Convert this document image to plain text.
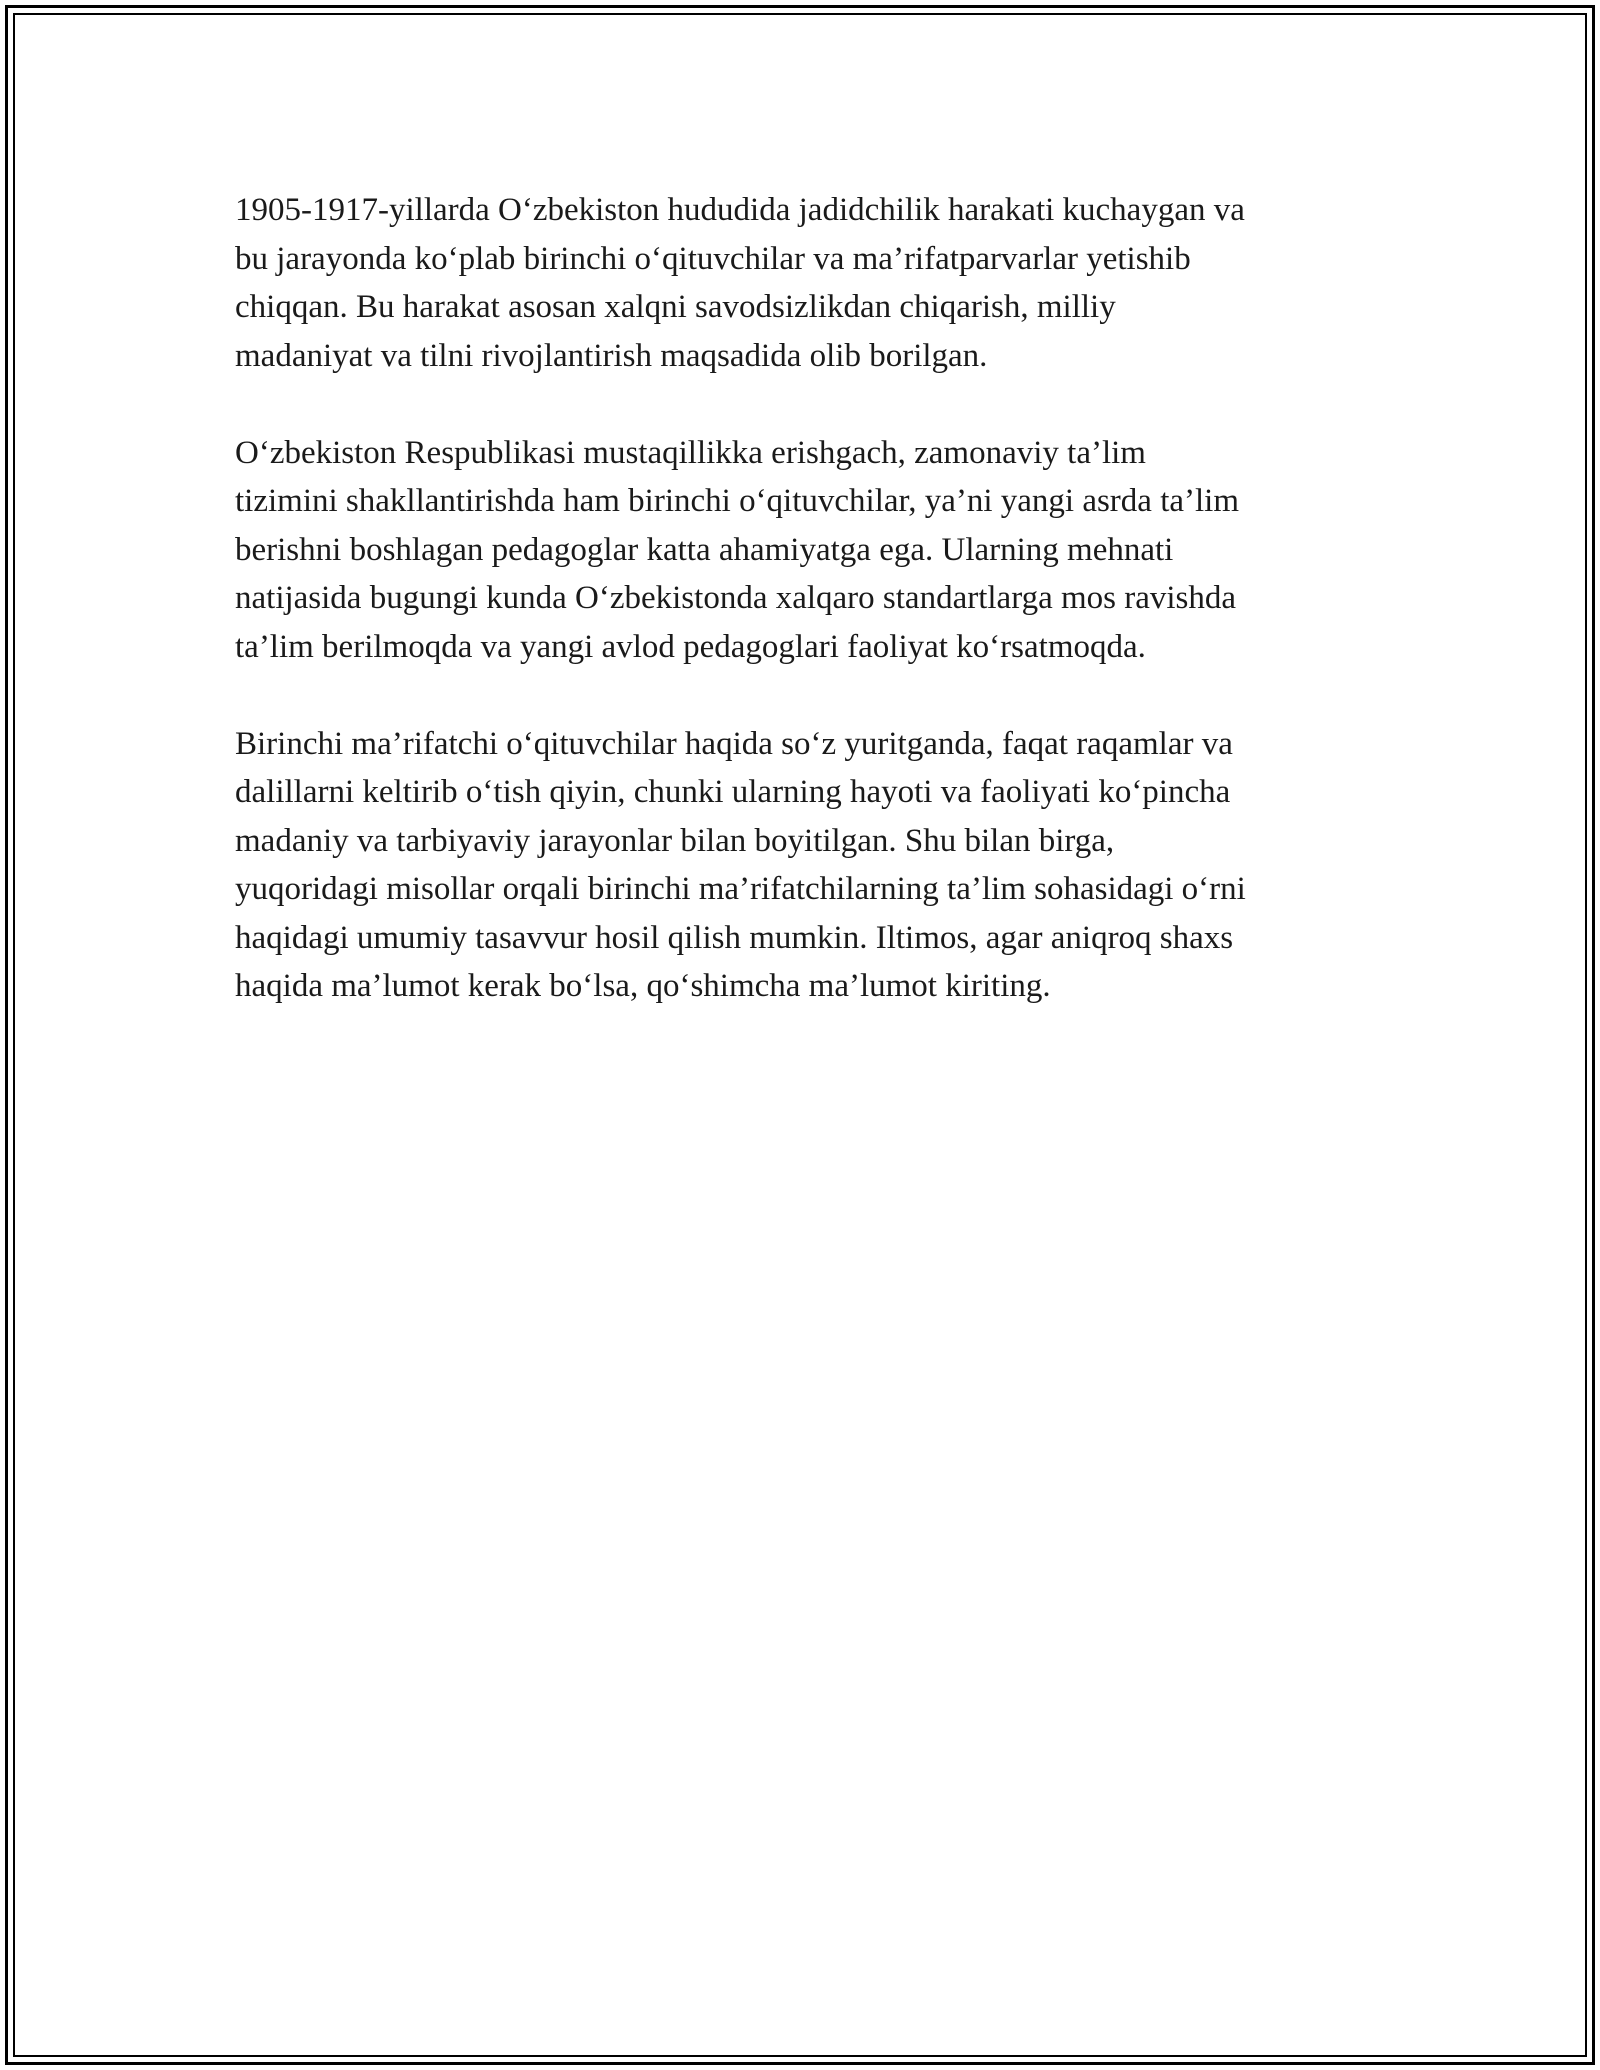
1905-1917-yillarda O‘zbekiston hududida jadidchilik harakati kuchaygan va
bu jarayonda ko‘plab birinchi o‘qituvchilar va ma’rifatparvarlar yetishib
chiqqan. Bu harakat asosan xalqni savodsizlikdan chiqarish, milliy
madaniyat va tilni rivojlantirish maqsadida olib borilgan.

O‘zbekiston Respublikasi mustaqillikka erishgach, zamonaviy ta’lim
tizimini shakllantirishda ham birinchi o‘qituvchilar, ya’ni yangi asrda ta’lim
berishni boshlagan pedagoglar katta ahamiyatga ega. Ularning mehnati
natijasida bugungi kunda O‘zbekistonda xalqaro standartlarga mos ravishda
ta’lim berilmoqda va yangi avlod pedagoglari faoliyat ko‘rsatmoqda.

Birinchi ma’rifatchi o‘qituvchilar haqida so‘z yuritganda, faqat raqamlar va
dalillarni keltirib o‘tish qiyin, chunki ularning hayoti va faoliyati ko‘pincha
madaniy va tarbiyaviy jarayonlar bilan boyitilgan. Shu bilan birga,
yuqoridagi misollar orqali birinchi ma’rifatchilarning ta’lim sohasidagi o‘rni
haqidagi umumiy tasavvur hosil qilish mumkin. Iltimos, agar aniqroq shaxs
haqida ma’lumot kerak bo‘lsa, qo‘shimcha ma’lumot kiriting.
